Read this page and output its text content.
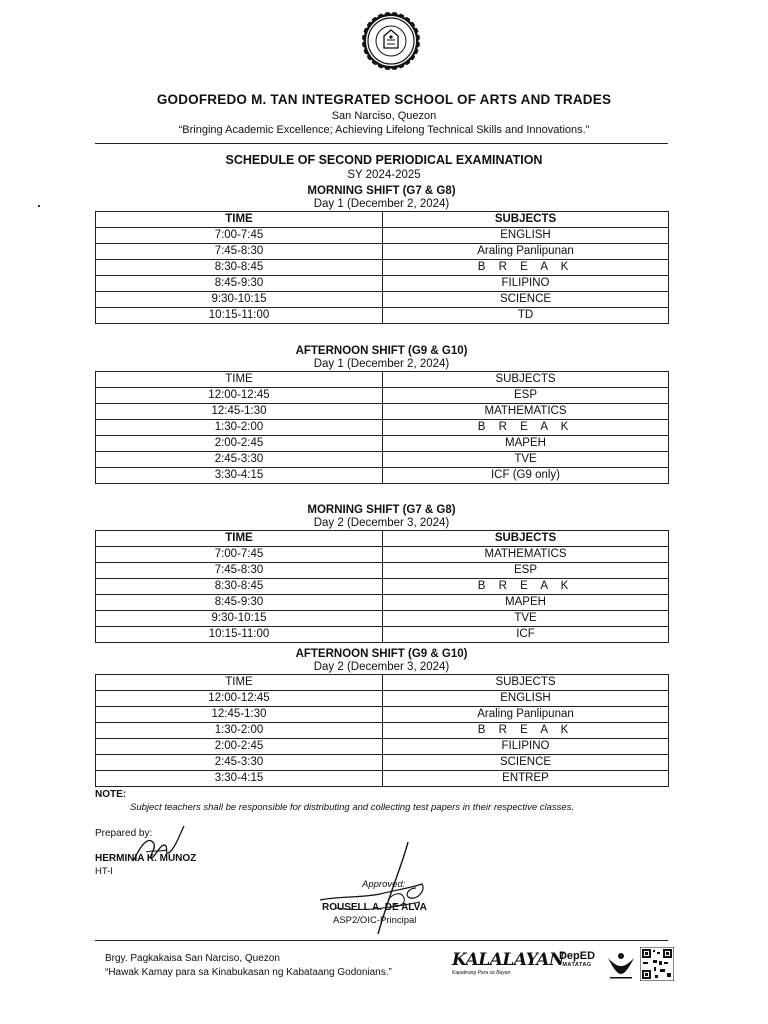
GODOFREDO M. TAN INTEGRATED SCHOOL OF ARTS AND TRADES
San Narciso, Quezon
“Bringing Academic Excellence; Achieving Lifelong Technical Skills and Innovations.”
SCHEDULE OF SECOND PERIODICAL EXAMINATION
SY 2024-2025
MORNING SHIFT (G7 & G8)
Day 1 (December 2, 2024)
TIME	SUBJECTS
7:00-7:45	ENGLISH
7:45-8:30	Araling Panlipunan
8:30-8:45	B R E A K
8:45-9:30	FILIPINO
9:30-10:15	SCIENCE
10:15-11:00	TD
AFTERNOON SHIFT (G9 & G10)
Day 1 (December 2, 2024)
TIME	SUBJECTS
12:00-12:45	ESP
12:45-1:30	MATHEMATICS
1:30-2:00	B R E A K
2:00-2:45	MAPEH
2:45-3:30	TVE
3:30-4:15	ICF (G9 only)
MORNING SHIFT (G7 & G8)
Day 2 (December 3, 2024)
TIME	SUBJECTS
7:00-7:45	MATHEMATICS
7:45-8:30	ESP
8:30-8:45	B R E A K
8:45-9:30	MAPEH
9:30-10:15	TVE
10:15-11:00	ICF
AFTERNOON SHIFT (G9 & G10)
Day 2 (December 3, 2024)
TIME	SUBJECTS
12:00-12:45	ENGLISH
12:45-1:30	Araling Panlipunan
1:30-2:00	B R E A K
2:00-2:45	FILIPINO
2:45-3:30	SCIENCE
3:30-4:15	ENTREP
NOTE:
Subject teachers shall be responsible for distributing and collecting test papers in their respective classes.
Prepared by:
HERMINIA K. MUNOZ
HT-I
Approved:
ROUSELL A. DE ALVA
ASP2/OIC-Principal
Brgy. Pagkakaisa San Narciso, Quezon
“Hawak Kamay para sa Kinabukasan ng Kabataang Godonians.”
KALALAYAN
Kapatirang Para sa Bayan
DepED
MATATAG
